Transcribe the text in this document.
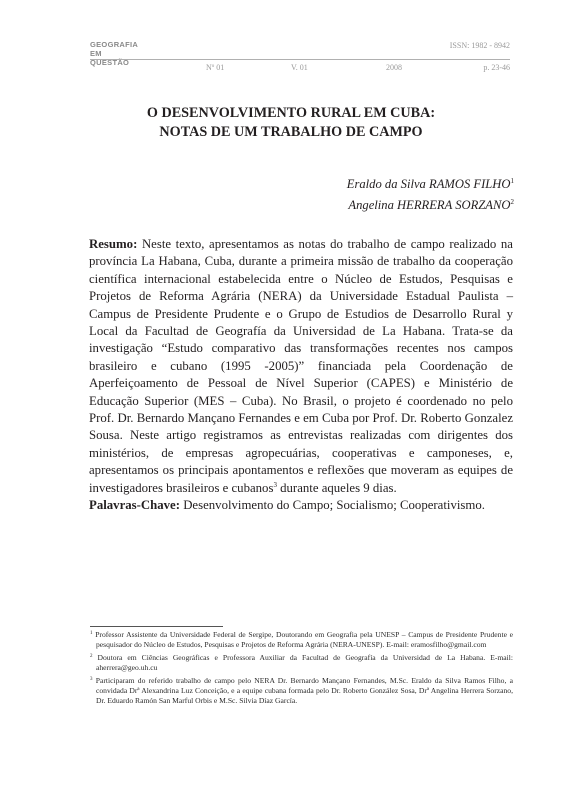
GEOGRAFIA
EM
QUESTÃO
ISSN: 1982 - 8942
Nº 01	V. 01	2008	p. 23-46
O DESENVOLVIMENTO RURAL EM CUBA:
NOTAS DE UM TRABALHO DE CAMPO
Eraldo da Silva RAMOS FILHO$^1$
Angelina HERRERA SORZANO$^2$

Resumo: Neste texto, apresentamos as notas do trabalho de campo realizado na província La Habana, Cuba, durante a primeira missão de trabalho da cooperação científica internacional estabelecida entre o Núcleo de Estudos, Pesquisas e Projetos de Reforma Agrária (NERA) da Universidade Estadual Paulista – Campus de Presidente Prudente e o Grupo de Estudios de Desarrollo Rural y Local da Facultad de Geografía da Universidad de La Habana. Trata-se da investigação “Estudo comparativo das transformações recentes nos campos brasileiro e cubano (1995 -2005)” financiada pela Coordenação de Aperfeiçoamento de Pessoal de Nível Superior (CAPES) e Ministério de Educação Superior (MES – Cuba). No Brasil, o projeto é coordenado no pelo Prof. Dr. Bernardo Mançano Fernandes e em Cuba por Prof. Dr. Roberto Gonzalez Sousa. Neste artigo registramos as entrevistas realizadas com dirigentes dos ministérios, de empresas agropecuárias, cooperativas e camponeses, e, apresentamos os principais apontamentos e reflexões que moveram as equipes de investigadores brasileiros e cubanos$^3$ durante aqueles 9 dias.

Palavras-Chave: Desenvolvimento do Campo; Socialismo; Cooperativismo.

$^1$ Professor Assistente da Universidade Federal de Sergipe, Doutorando em Geografia pela UNESP – Campus de Presidente Prudente e pesquisador do Núcleo de Estudos, Pesquisas e Projetos de Reforma Agrária (NERA-UNESP). E-mail: eramosfilho@gmail.com

$^2$ Doutora em Ciências Geográficas e Professora Auxiliar da Facultad de Geografía da Universidad de La Habana. E-mail: aherrera@geo.uh.cu

$^3$ Participaram do referido trabalho de campo pelo NERA Dr. Bernardo Mançano Fernandes, M.Sc. Eraldo da Silva Ramos Filho, a convidada Drª Alexandrina Luz Conceição, e a equipe cubana formada pelo Dr. Roberto González Sosa, Drª Angelina Herrera Sorzano, Dr. Eduardo Ramón San Marful Orbis e M.Sc. Silvia Díaz García.
